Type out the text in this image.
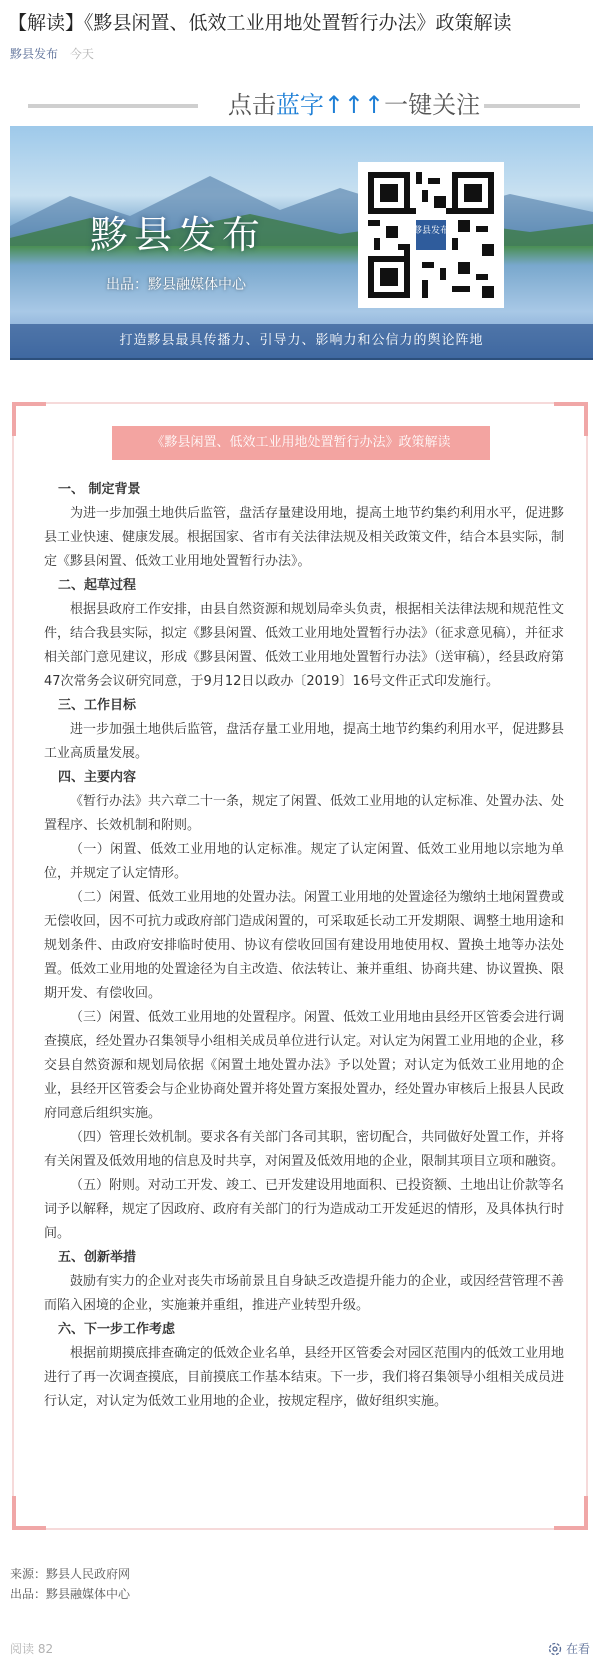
【解读】《黟县闲置、低效工业用地处置暂行办法》政策解读
黟县发布 今天
点击蓝字↑↑↑一键关注
黟县发布
出品：黟县融媒体中心
黟县发布
打造黟县最具传播力、引导力、影响力和公信力的舆论阵地
《黟县闲置、低效工业用地处置暂行办法》政策解读

一、 制定背景

为进一步加强土地供后监管，盘活存量建设用地，提高土地节约集约利用水平，促进黟县工业快速、健康发展。根据国家、省市有关法律法规及相关政策文件，结合本县实际，制定《黟县闲置、低效工业用地处置暂行办法》。

二、起草过程

根据县政府工作安排，由县自然资源和规划局牵头负责，根据相关法律法规和规范性文件，结合我县实际，拟定《黟县闲置、低效工业用地处置暂行办法》（征求意见稿），并征求相关部门意见建议，形成《黟县闲置、低效工业用地处置暂行办法》（送审稿），经县政府第47次常务会议研究同意，于9月12日以政办〔2019〕16号文件正式印发施行。

三、工作目标

进一步加强土地供后监管，盘活存量工业用地，提高土地节约集约利用水平，促进黟县工业高质量发展。

四、主要内容

《暂行办法》共六章二十一条，规定了闲置、低效工业用地的认定标准、处置办法、处置程序、长效机制和附则。

（一）闲置、低效工业用地的认定标准。规定了认定闲置、低效工业用地以宗地为单位，并规定了认定情形。

（二）闲置、低效工业用地的处置办法。闲置工业用地的处置途径为缴纳土地闲置费或无偿收回，因不可抗力或政府部门造成闲置的，可采取延长动工开发期限、调整土地用途和规划条件、由政府安排临时使用、协议有偿收回国有建设用地使用权、置换土地等办法处置。低效工业用地的处置途径为自主改造、依法转让、兼并重组、协商共建、协议置换、限期开发、有偿收回。

（三）闲置、低效工业用地的处置程序。闲置、低效工业用地由县经开区管委会进行调查摸底，经处置办召集领导小组相关成员单位进行认定。对认定为闲置工业用地的企业，移交县自然资源和规划局依据《闲置土地处置办法》予以处置；对认定为低效工业用地的企业，县经开区管委会与企业协商处置并将处置方案报处置办，经处置办审核后上报县人民政府同意后组织实施。

（四）管理长效机制。要求各有关部门各司其职，密切配合，共同做好处置工作，并将有关闲置及低效用地的信息及时共享，对闲置及低效用地的企业，限制其项目立项和融资。

（五）附则。对动工开发、竣工、已开发建设用地面积、已投资额、土地出让价款等名词予以解释，规定了因政府、政府有关部门的行为造成动工开发延迟的情形，及具体执行时间。

五、创新举措

鼓励有实力的企业对丧失市场前景且自身缺乏改造提升能力的企业，或因经营管理不善而陷入困境的企业，实施兼并重组，推进产业转型升级。

六、下一步工作考虑

根据前期摸底排查确定的低效企业名单，县经开区管委会对园区范围内的低效工业用地进行了再一次调查摸底，目前摸底工作基本结束。下一步，我们将召集领导小组相关成员进行认定，对认定为低效工业用地的企业，按规定程序，做好组织实施。

来源：黟县人民政府网
出品：黟县融媒体中心
阅读 82	在看
